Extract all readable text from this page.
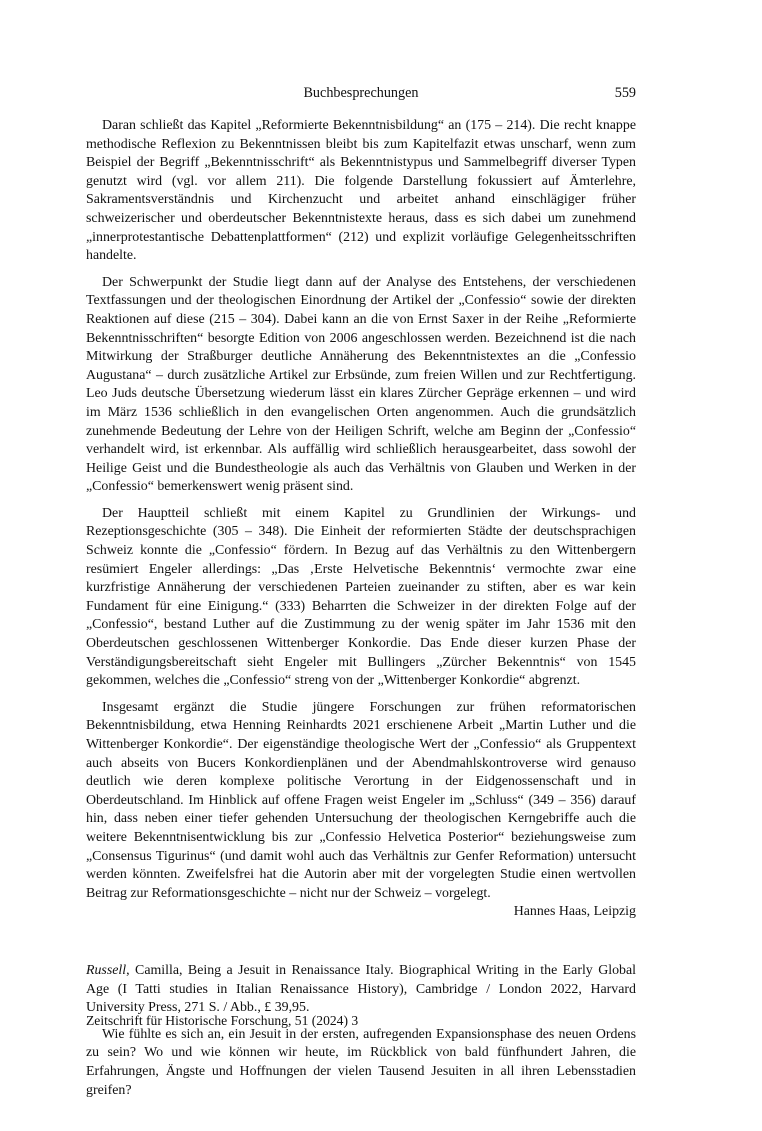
Buchbesprechungen	559

Daran schließt das Kapitel „Reformierte Bekenntnisbildung“ an (175 – 214). Die recht knappe methodische Reflexion zu Bekenntnissen bleibt bis zum Kapitelfazit etwas unscharf, wenn zum Beispiel der Begriff „Bekenntnisschrift“ als Bekenntnistypus und Sammelbegriff diverser Typen genutzt wird (vgl. vor allem 211). Die folgende Darstellung fokussiert auf Ämterlehre, Sakramentsverständnis und Kirchenzucht und arbeitet anhand einschlägiger früher schweizerischer und oberdeutscher Bekenntnistexte heraus, dass es sich dabei um zunehmend „innerprotestantische Debattenplattformen“ (212) und explizit vorläufige Gelegenheitsschriften handelte.

Der Schwerpunkt der Studie liegt dann auf der Analyse des Entstehens, der verschiedenen Textfassungen und der theologischen Einordnung der Artikel der „Confessio“ sowie der direkten Reaktionen auf diese (215 – 304). Dabei kann an die von Ernst Saxer in der Reihe „Reformierte Bekenntnisschriften“ besorgte Edition von 2006 angeschlossen werden. Bezeichnend ist die nach Mitwirkung der Straßburger deutliche Annäherung des Bekenntnistextes an die „Confessio Augustana“ – durch zusätzliche Artikel zur Erbsünde, zum freien Willen und zur Rechtfertigung. Leo Juds deutsche Übersetzung wiederum lässt ein klares Zürcher Gepräge erkennen – und wird im März 1536 schließlich in den evangelischen Orten angenommen. Auch die grundsätzlich zunehmende Bedeutung der Lehre von der Heiligen Schrift, welche am Beginn der „Confessio“ verhandelt wird, ist erkennbar. Als auffällig wird schließlich herausgearbeitet, dass sowohl der Heilige Geist und die Bundestheologie als auch das Verhältnis von Glauben und Werken in der „Confessio“ bemerkenswert wenig präsent sind.

Der Hauptteil schließt mit einem Kapitel zu Grundlinien der Wirkungs- und Rezeptionsgeschichte (305 – 348). Die Einheit der reformierten Städte der deutschsprachigen Schweiz konnte die „Confessio“ fördern. In Bezug auf das Verhältnis zu den Wittenbergern resümiert Engeler allerdings: „Das ‚Erste Helvetische Bekenntnis‘ vermochte zwar eine kurzfristige Annäherung der verschiedenen Parteien zueinander zu stiften, aber es war kein Fundament für eine Einigung.“ (333) Beharrten die Schweizer in der direkten Folge auf der „Confessio“, bestand Luther auf die Zustimmung zu der wenig später im Jahr 1536 mit den Oberdeutschen geschlossenen Wittenberger Konkordie. Das Ende dieser kurzen Phase der Verständigungsbereitschaft sieht Engeler mit Bullingers „Zürcher Bekenntnis“ von 1545 gekommen, welches die „Confessio“ streng von der „Wittenberger Konkordie“ abgrenzt.

Insgesamt ergänzt die Studie jüngere Forschungen zur frühen reformatorischen Bekenntnisbildung, etwa Henning Reinhardts 2021 erschienene Arbeit „Martin Luther und die Wittenberger Konkordie“. Der eigenständige theologische Wert der „Confessio“ als Gruppentext auch abseits von Bucers Konkordienplänen und der Abendmahlskontroverse wird genauso deutlich wie deren komplexe politische Verortung in der Eidgenossenschaft und in Oberdeutschland. Im Hinblick auf offene Fragen weist Engeler im „Schluss“ (349 – 356) darauf hin, dass neben einer tiefer gehenden Untersuchung der theologischen Kerngebriffe auch die weitere Bekenntnisentwicklung bis zur „Confessio Helvetica Posterior“ beziehungsweise zum „Consensus Tigurinus“ (und damit wohl auch das Verhältnis zur Genfer Reformation) untersucht werden könnten. Zweifelsfrei hat die Autorin aber mit der vorgelegten Studie einen wertvollen Beitrag zur Reformationsgeschichte – nicht nur der Schweiz – vorgelegt.

Hannes Haas, Leipzig

Russell, Camilla, Being a Jesuit in Renaissance Italy. Biographical Writing in the Early Global Age (I Tatti studies in Italian Renaissance History), Cambridge / London 2022, Harvard University Press, 271 S. / Abb., £ 39,95.

Wie fühlte es sich an, ein Jesuit in der ersten, aufregenden Expansionsphase des neuen Ordens zu sein? Wo und wie können wir heute, im Rückblick von bald fünfhundert Jahren, die Erfahrungen, Ängste und Hoffnungen der vielen Tausend Jesuiten in all ihren Lebensstadien greifen?

Zeitschrift für Historische Forschung, 51 (2024) 3
